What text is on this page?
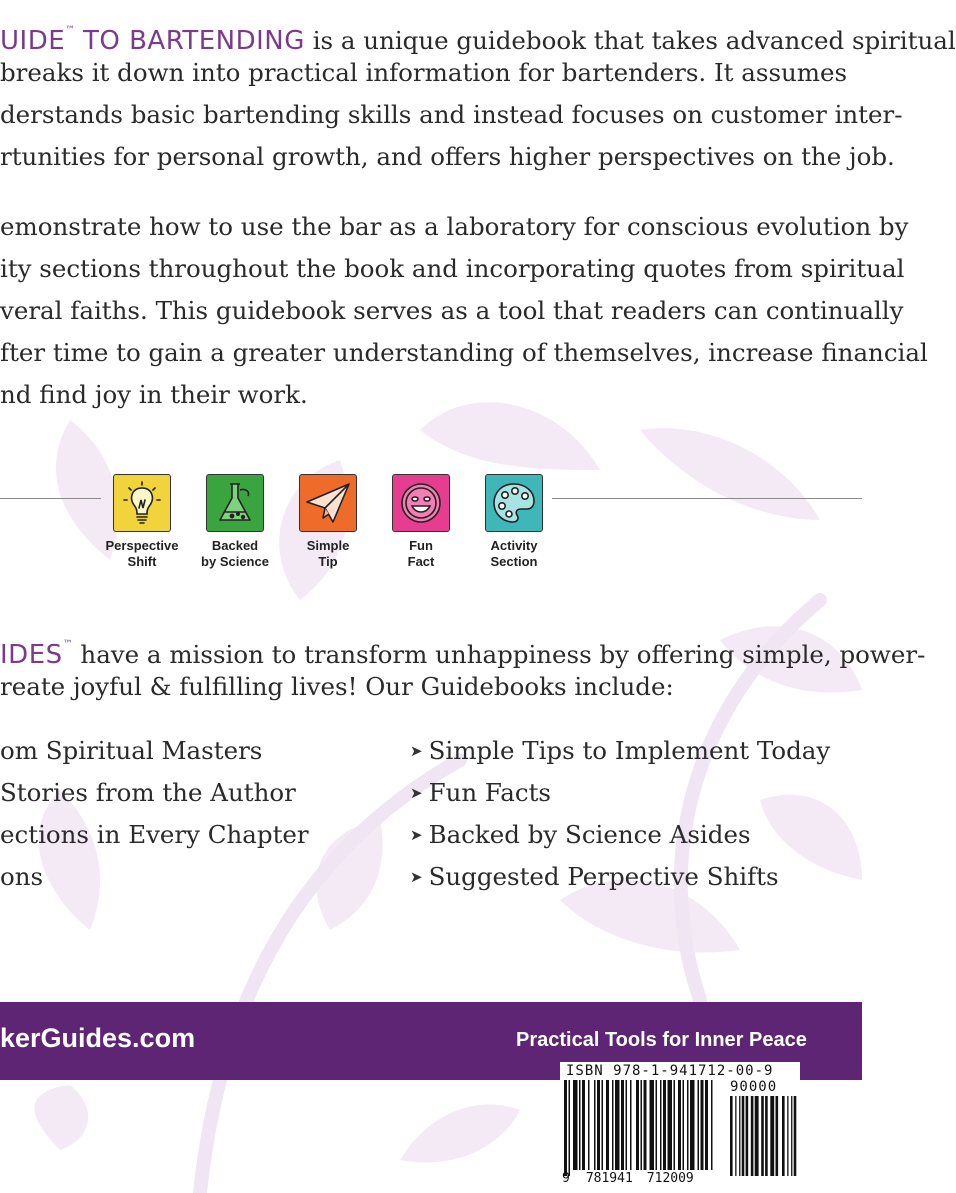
UIDE™ TO BARTENDING is a unique guidebook that takes advanced spiritual
breaks it down into practical information for bartenders. It assumes
derstands basic bartending skills and instead focuses on customer inter-
rtunities for personal growth, and offers higher perspectives on the job.

emonstrate how to use the bar as a laboratory for conscious evolution by
ity sections throughout the book and incorporating quotes from spiritual
veral faiths. This guidebook serves as a tool that readers can continually
fter time to gain a greater understanding of themselves, increase financial
nd find joy in their work.

Perspective
Shift
Backed
by Science
Simple
Tip
Fun
Fact
Activity
Section

IDES™ have a mission to transform unhappiness by offering simple, power-
reate joyful & fulfilling lives! Our Guidebooks include:

om Spiritual Masters
Stories from the Author
ections in Every Chapter
ons
➤ Simple Tips to Implement Today
➤ Fun Facts
➤ Backed by Science Asides
➤ Suggested Perpective Shifts
kerGuides.com	Practical Tools for Inner Peace
ISBN 978-1-941712-00-9
90000
9 781941 712009
